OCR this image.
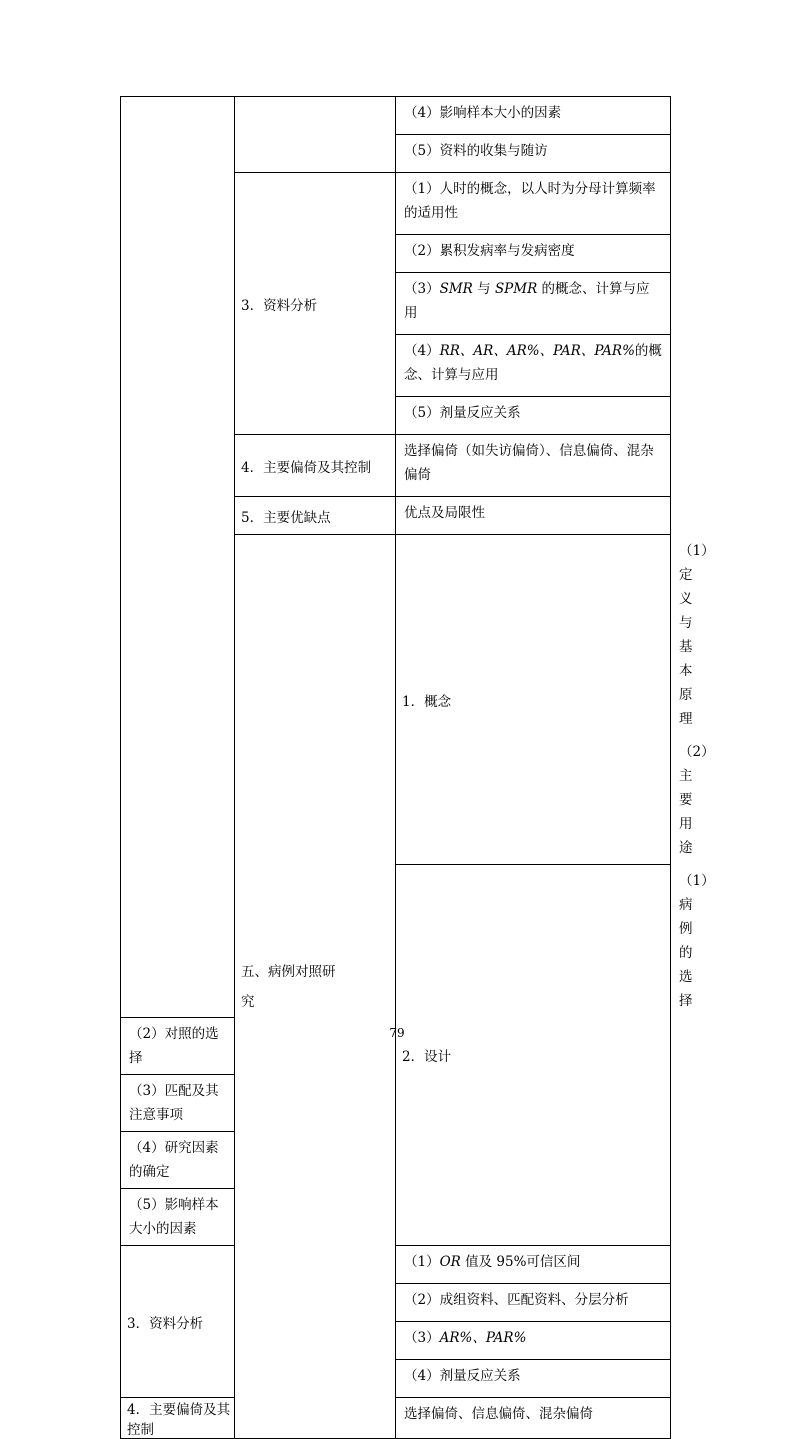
		（4）影响样本大小的因素	
		（5）资料的收集与随访	
	3．资料分析	（1）人时的概念，以人时为分母计算频率的适用性	
		（2）累积发病率与发病密度	
		（3）SMR 与 SPMR 的概念、计算与应用	
		（4）RR、AR、AR%、PAR、PAR%的概念、计算与应用	
		（5）剂量反应关系	
	4．主要偏倚及其控制	选择偏倚（如失访偏倚）、信息偏倚、混杂偏倚	
	5．主要优缺点	优点及局限性	

	五、病例对照研究	1．概念	（1）定义与基本原理
			（2）主要用途
		2．设计	（1）病例的选择
（2）对照的选择			
（3）匹配及其注意事项			
（4）研究因素的确定			
（5）影响样本大小的因素			
3．资料分析		（1）OR 值及 95%可信区间	
		（2）成组资料、匹配资料、分层分析	
		（3）AR%、PAR%	
		（4）剂量反应关系	
4．主要偏倚及其控制		选择偏倚、信息偏倚、混杂偏倚	
79
